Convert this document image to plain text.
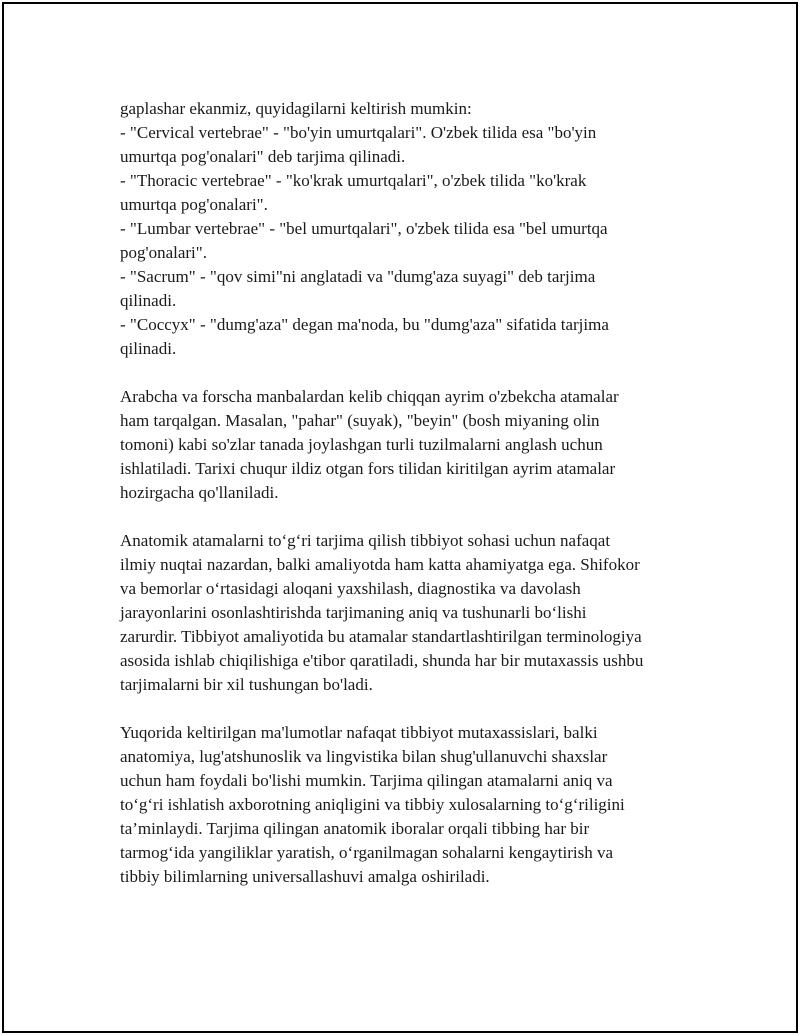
gaplashar ekanmiz, quyidagilarni keltirish mumkin:
- "Cervical vertebrae" - "bo'yin umurtqalari". O'zbek tilida esa "bo'yin
umurtqa pog'onalari" deb tarjima qilinadi.
- "Thoracic vertebrae" - "ko'krak umurtqalari", o'zbek tilida "ko'krak
umurtqa pog'onalari".
- "Lumbar vertebrae" - "bel umurtqalari", o'zbek tilida esa "bel umurtqa
pog'onalari".
- "Sacrum" - "qov simi"ni anglatadi va "dumg'aza suyagi" deb tarjima
qilinadi.
- "Coccyx" - "dumg'aza" degan ma'noda, bu "dumg'aza" sifatida tarjima
qilinadi.
Arabcha va forscha manbalardan kelib chiqqan ayrim o'zbekcha atamalar
ham tarqalgan. Masalan, "pahar" (suyak), "beyin" (bosh miyaning olin
tomoni) kabi so'zlar tanada joylashgan turli tuzilmalarni anglash uchun
ishlatiladi. Tarixi chuqur ildiz otgan fors tilidan kiritilgan ayrim atamalar
hozirgacha qo'llaniladi.
Anatomik atamalarni to‘g‘ri tarjima qilish tibbiyot sohasi uchun nafaqat
ilmiy nuqtai nazardan, balki amaliyotda ham katta ahamiyatga ega. Shifokor
va bemorlar o‘rtasidagi aloqani yaxshilash, diagnostika va davolash
jarayonlarini osonlashtirishda tarjimaning aniq va tushunarli bo‘lishi
zarurdir. Tibbiyot amaliyotida bu atamalar standartlashtirilgan terminologiya
asosida ishlab chiqilishiga e'tibor qaratiladi, shunda har bir mutaxassis ushbu
tarjimalarni bir xil tushungan bo'ladi.
Yuqorida keltirilgan ma'lumotlar nafaqat tibbiyot mutaxassislari, balki
anatomiya, lug'atshunoslik va lingvistika bilan shug'ullanuvchi shaxslar
uchun ham foydali bo'lishi mumkin. Tarjima qilingan atamalarni aniq va
to‘g‘ri ishlatish axborotning aniqligini va tibbiy xulosalarning to‘g‘riligini
ta’minlaydi. Tarjima qilingan anatomik iboralar orqali tibbing har bir
tarmog‘ida yangiliklar yaratish, o‘rganilmagan sohalarni kengaytirish va
tibbiy bilimlarning universallashuvi amalga oshiriladi.
